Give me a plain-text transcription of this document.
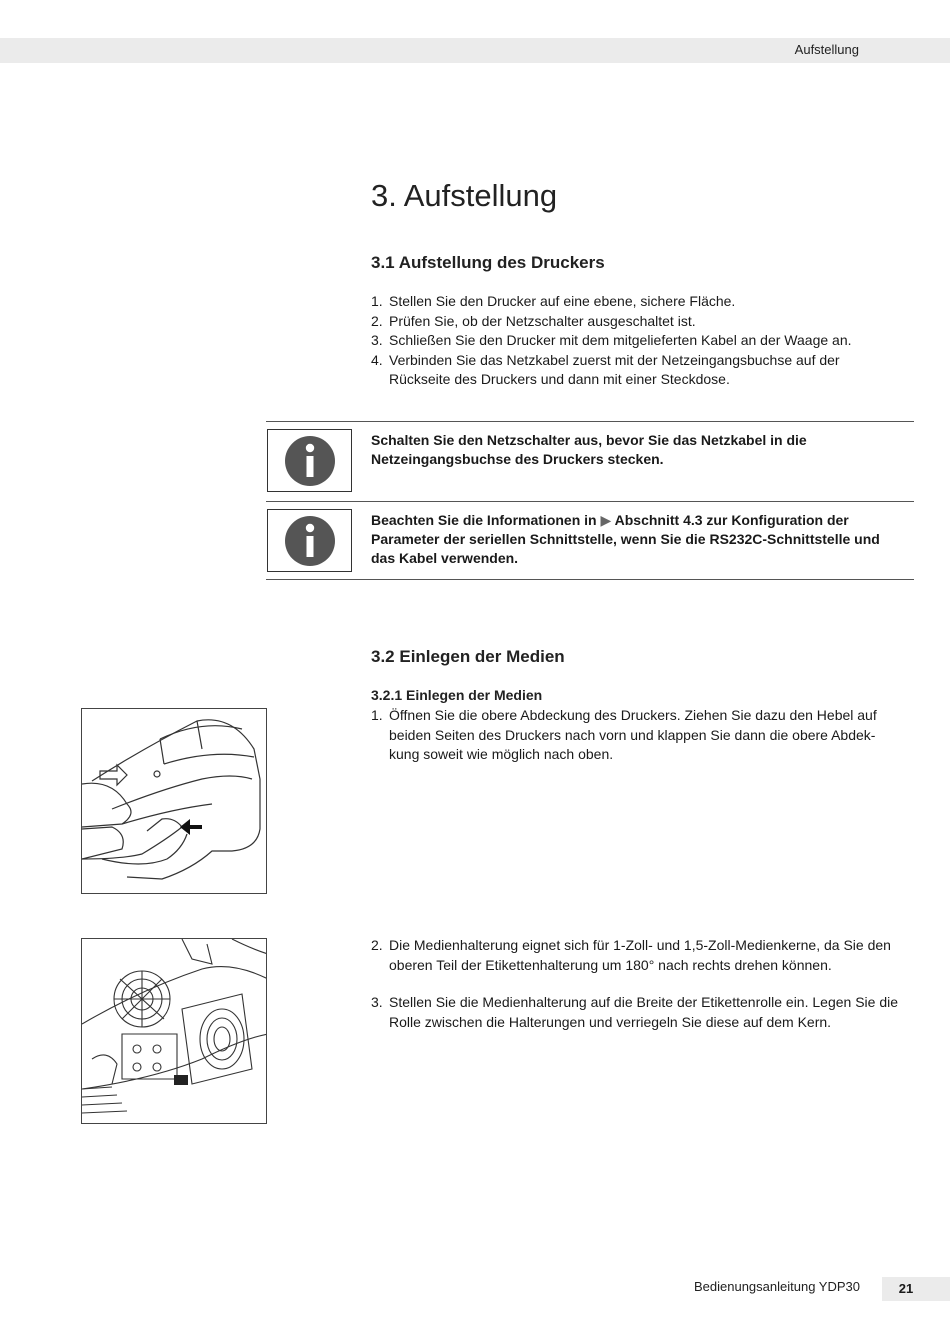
Aufstellung
3. Aufstellung
3.1 Aufstellung des Druckers
1. Stellen Sie den Drucker auf eine ebene, sichere Fläche.
2. Prüfen Sie, ob der Netzschalter ausgeschaltet ist.
3. Schließen Sie den Drucker mit dem mitgelieferten Kabel an der Waage an.
4. Verbinden Sie das Netzkabel zuerst mit der Netzeingangsbuchse auf der Rückseite des Druckers und dann mit einer Steckdose.
Schalten Sie den Netzschalter aus, bevor Sie das Netzkabel in die Netzeingangsbuchse des Druckers stecken.
Beachten Sie die Informationen in ▶ Abschnitt 4.3 zur Konfiguration der Parameter der seriellen Schnittstelle, wenn Sie die RS232C-Schnittstelle und das Kabel verwenden.
3.2 Einlegen der Medien
3.2.1 Einlegen der Medien
1. Öffnen Sie die obere Abdeckung des Druckers. Ziehen Sie dazu den Hebel auf beiden Seiten des Druckers nach vorn und klappen Sie dann die obere Abdek- kung soweit wie möglich nach oben.
2. Die Medienhalterung eignet sich für 1-Zoll- und 1,5-Zoll-Medienkerne, da Sie den oberen Teil der Etikettenhalterung um 180° nach rechts drehen können.
3. Stellen Sie die Medienhalterung auf die Breite der Etikettenrolle ein. Legen Sie die Rolle zwischen die Halterungen und verriegeln Sie diese auf dem Kern.
Bedienungsanleitung YDP30	21
